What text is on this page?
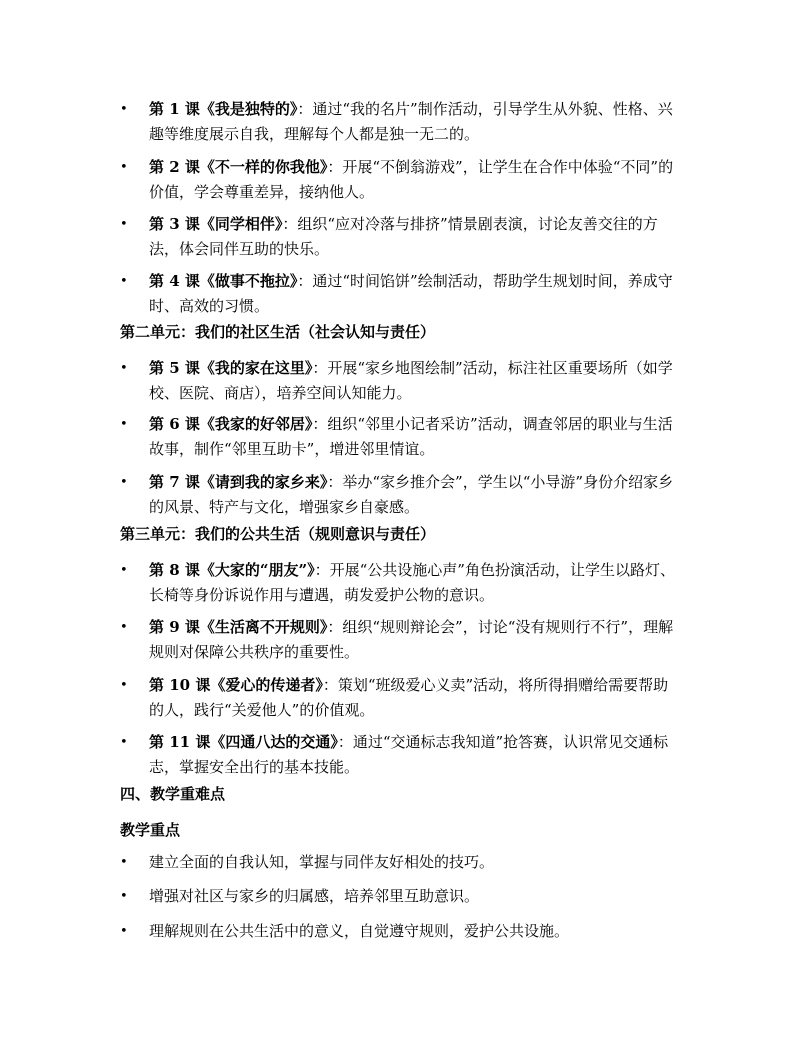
•	第 1 课《我是独特的》：通过“我的名片”制作活动，引导学生从外貌、性格、兴趣等维度展示自我，理解每个人都是独一无二的。
•	第 2 课《不一样的你我他》：开展“不倒翁游戏”，让学生在合作中体验“不同”的价值，学会尊重差异，接纳他人。
•	第 3 课《同学相伴》：组织“应对冷落与排挤”情景剧表演，讨论友善交往的方法，体会同伴互助的快乐。
•	第 4 课《做事不拖拉》：通过“时间馅饼”绘制活动，帮助学生规划时间，养成守时、高效的习惯。
第二单元：我们的社区生活（社会认知与责任）
•	第 5 课《我的家在这里》：开展“家乡地图绘制”活动，标注社区重要场所（如学校、医院、商店），培养空间认知能力。
•	第 6 课《我家的好邻居》：组织“邻里小记者采访”活动，调查邻居的职业与生活故事，制作“邻里互助卡”，增进邻里情谊。
•	第 7 课《请到我的家乡来》：举办“家乡推介会”，学生以“小导游”身份介绍家乡的风景、特产与文化，增强家乡自豪感。
第三单元：我们的公共生活（规则意识与责任）
•	第 8 课《大家的“朋友”》：开展“公共设施心声”角色扮演活动，让学生以路灯、长椅等身份诉说作用与遭遇，萌发爱护公物的意识。
•	第 9 课《生活离不开规则》：组织“规则辩论会”，讨论“没有规则行不行”，理解规则对保障公共秩序的重要性。
•	第 10 课《爱心的传递者》：策划“班级爱心义卖”活动，将所得捐赠给需要帮助的人，践行“关爱他人”的价值观。
•	第 11 课《四通八达的交通》：通过“交通标志我知道”抢答赛，认识常见交通标志，掌握安全出行的基本技能。
四、教学重难点
教学重点
•	建立全面的自我认知，掌握与同伴友好相处的技巧。
•	增强对社区与家乡的归属感，培养邻里互助意识。
•	理解规则在公共生活中的意义，自觉遵守规则，爱护公共设施。
